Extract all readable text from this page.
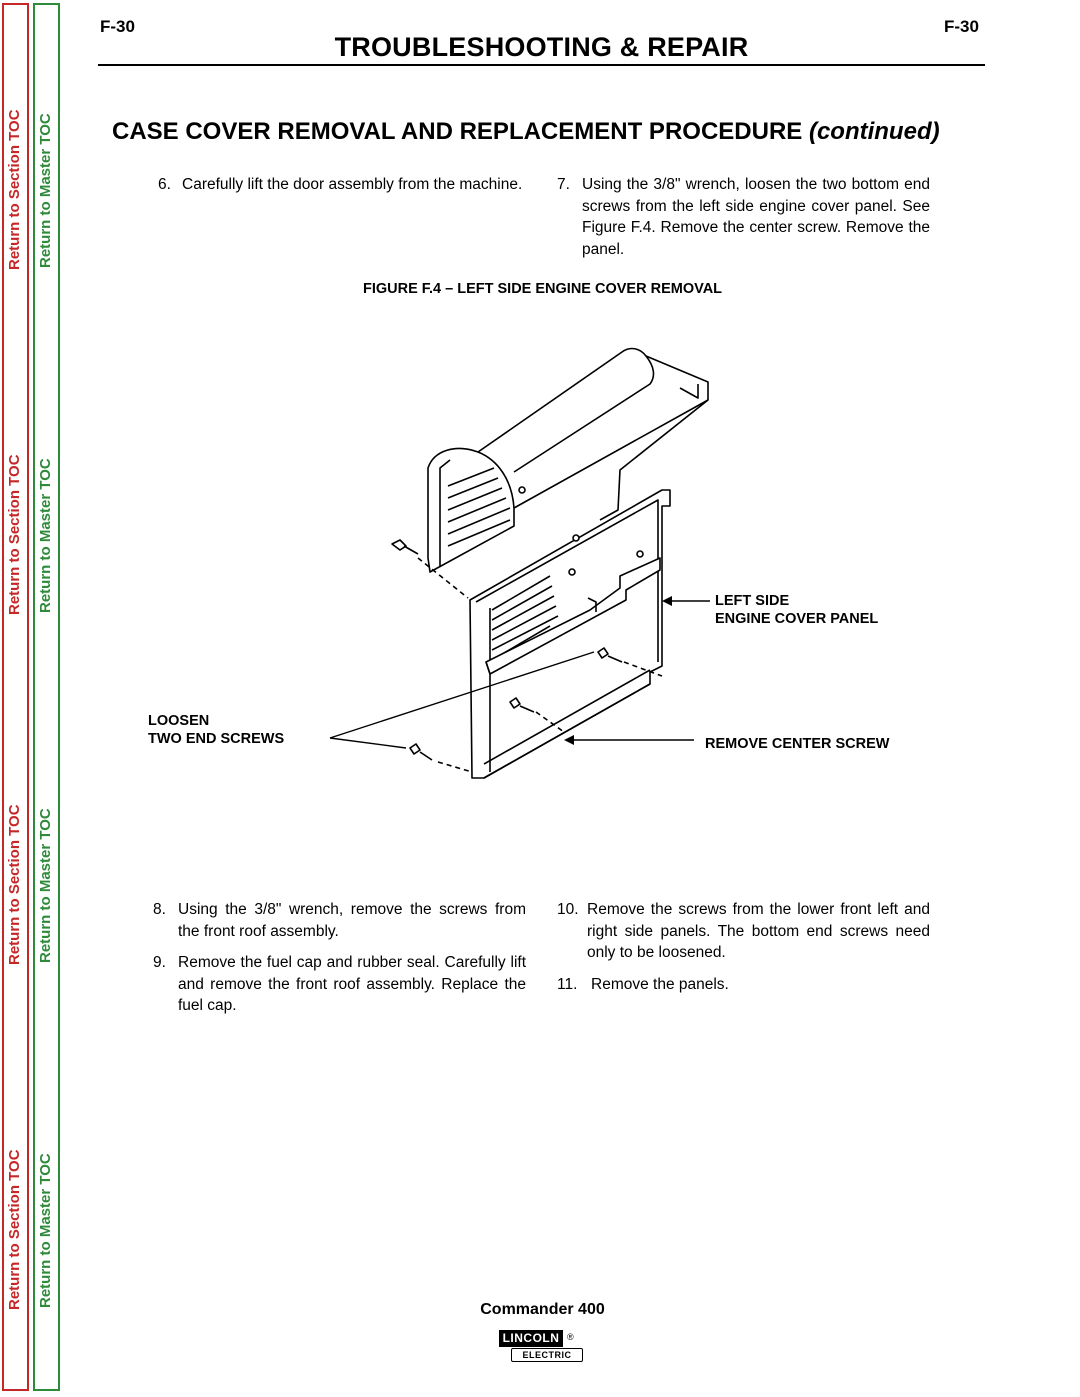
Return to Section TOC
Return to Section TOC
Return to Section TOC
Return to Section TOC
Return to Master TOC
Return to Master TOC
Return to Master TOC
Return to Master TOC
F-30	F-30
TROUBLESHOOTING & REPAIR
CASE COVER REMOVAL AND REPLACEMENT PROCEDURE (continued)
6. Carefully lift the door assembly from the machine. 7. Using the 3/8" wrench, loosen the two bottom end screws from the left side engine cover panel. See Figure F.4. Remove the center screw. Remove the panel.
FIGURE F.4 – LEFT SIDE ENGINE COVER REMOVAL
LEFT SIDE
ENGINE COVER PANEL
LOOSEN
TWO END SCREWS	REMOVE CENTER SCREW
8. Using the 3/8" wrench, remove the screws from the front roof assembly.
9. Remove the fuel cap and rubber seal. Carefully lift and remove the front roof assembly. Replace the fuel cap.
10. Remove the screws from the lower front left and right side panels. The bottom end screws need only to be loosened.
11. Remove the panels.
Commander 400
LINCOLN ®
ELECTRIC
